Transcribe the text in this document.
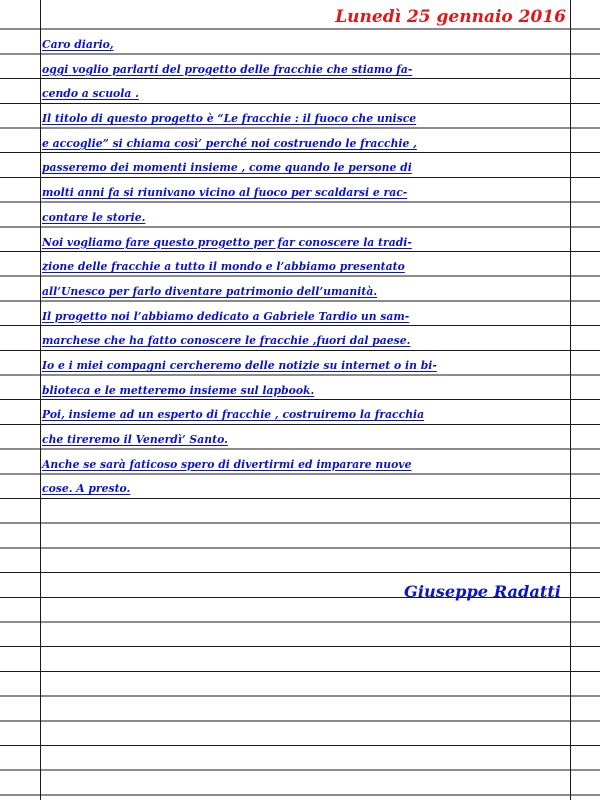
Lunedì 25 gennaio 2016
Caro diario,
oggi voglio parlarti del progetto delle fracchie che stiamo fa-
cendo a scuola .
Il titolo di questo progetto è “Le fracchie : il fuoco che unisce
e accoglie” si chiama così’ perché noi costruendo le fracchie ,
passeremo dei momenti insieme , come quando le persone di
molti anni fa si riunivano vicino al fuoco per scaldarsi e rac-
contare le storie.
Noi vogliamo fare questo progetto per far conoscere la tradi-
zione delle fracchie a tutto il mondo e l’abbiamo presentato
all’Unesco per farlo diventare patrimonio dell’umanità.
Il progetto noi l’abbiamo dedicato a Gabriele Tardio un sam-
marchese che ha fatto conoscere le fracchie ,fuori dal paese.
Io e i miei compagni cercheremo delle notizie su internet o in bi-
blioteca e le metteremo insieme sul lapbook.
Poi, insieme ad un esperto di fracchie , costruiremo la fracchia
che tireremo il Venerdì’ Santo.
Anche se sarà faticoso spero di divertirmi ed imparare nuove
cose. A presto.
Giuseppe Radatti
